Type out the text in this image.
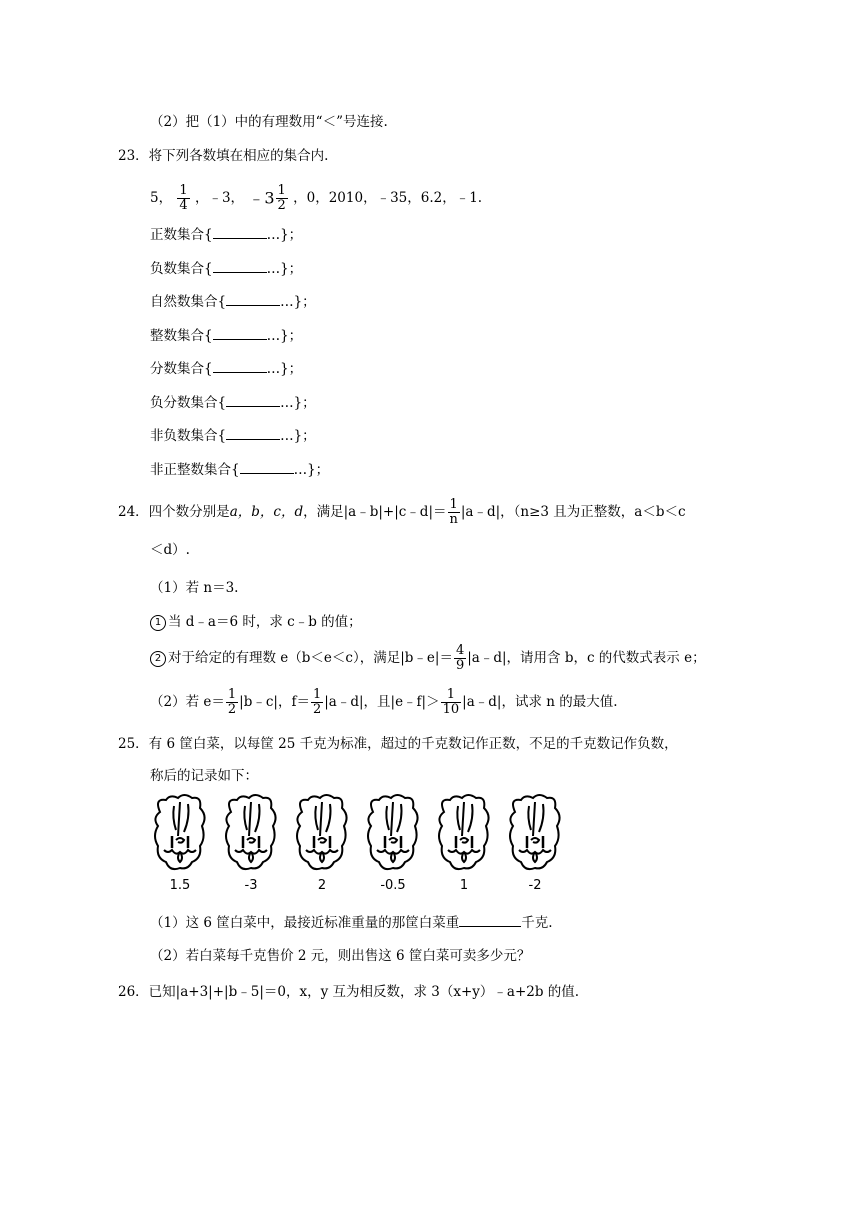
（2）把（1）中的有理数用“＜”号连接.
23．将下列各数填在相应的集合内.
5， $\frac{1}{4}$ ，﹣3， ﹣3 $\frac{1}{2}$ ，0，2010，﹣35，6.2，﹣1.
正数集合{	…}；
负数集合{	…}；
自然数集合{	…}；
整数集合{	…}；
分数集合{	…}；
负分数集合{	…}；
非负数集合{	…}；
非正整数集合{	…}；
24．四个数分别是a，b，c，d，满足|a﹣b|+|c﹣d|＝ $\frac{1}{n}$ |a﹣d|，（n≥3 且为正整数，a＜b＜c
＜d）.
（1）若 n＝3.
1 当 d﹣a＝6 时，求 c﹣b 的值；
2 对于给定的有理数 e（b＜e＜c），满足|b﹣e|＝ $\frac{4}{9}$ |a﹣d|，请用含 b，c 的代数式表示 e；
（2）若 $e= \frac{1}{2}$ |b﹣c|，$f= \frac{1}{2}$ |a﹣d|，且|e﹣f|＞ $\frac{1}{10}$ |a﹣d|，试求 n 的最大值.
25．有 6 筐白菜，以每筐 25 千克为标准，超过的千克数记作正数，不足的千克数记作负数，
称后的记录如下：
1.5	-3	2	-0.5	1	-2
（1）这 6 筐白菜中，最接近标准重量的那筐白菜重	千克.
（2）若白菜每千克售价 2 元，则出售这 6 筐白菜可卖多少元？
26．已知|a+3|+|b﹣5|＝0，x，y 互为相反数，求 3（x+y）﹣a+2b 的值.
